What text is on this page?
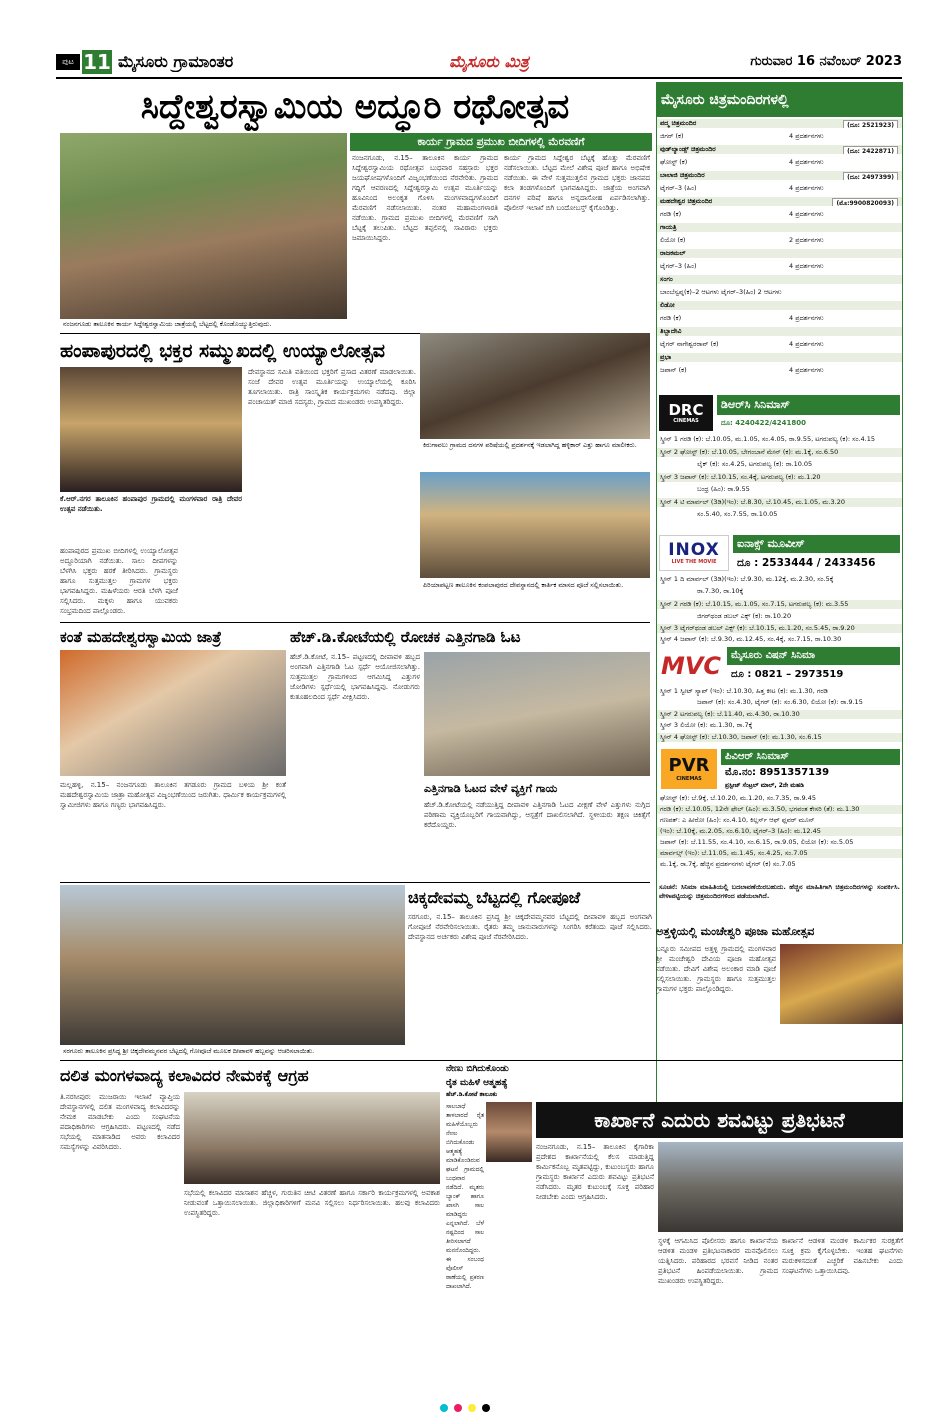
ಪುಟ 11 ಮೈಸೂರು ಗ್ರಾಮಾಂತರ	ಮೈಸೂರು ಮಿತ್ರ	ಗುರುವಾರ 16 ನವೆಂಬರ್ 2023
ಸಿದ್ದೇಶ್ವರಸ್ವಾಮಿಯ ಅದ್ಧೂರಿ ರಥೋತ್ಸವ
ನಂಜನಗೂಡು ತಾಲೂಕಿನ ಕಾರ್ಯ ಸಿದ್ದೇಶ್ವರಸ್ವಾಮಿಯ ಜಾತ್ರೆಯಲ್ಲಿ ಬೆಟ್ಟದಲ್ಲಿ ಕೊಂಡೊಯ್ಯುತ್ತಿರುವುದು.
ಕಾರ್ಯ ಗ್ರಾಮದ ಪ್ರಮುಖ ಬೀದಿಗಳಲ್ಲಿ ಮೆರವಣಿಗೆ
ನಂಜನಗೂಡು, ನ.15– ತಾಲೂಕಿನ ಕಾರ್ಯ ಗ್ರಾಮದ ಸಿದ್ದೇಶ್ವರಸ್ವಾಮಿಯ ರಥೋತ್ಸವ ಬುಧವಾರ ಸಹಸ್ರಾರು ಭಕ್ತರ ಜಯಘೋಷಗಳೊಂದಿಗೆ ವಿಜೃಂಭಣೆಯಿಂದ ನೆರವೇರಿತು. ಗ್ರಾಮದ ಗದ್ದಿಗೆ ಆವರಣದಲ್ಲಿ ಸಿದ್ದೇಶ್ವರಸ್ವಾಮಿ ಉತ್ಸವ ಮೂರ್ತಿಯನ್ನು ಹೂವಿನಿಂದ ಅಲಂಕೃತ ಗೊಳಿಸಿ ಮಂಗಳವಾದ್ಯಗಳೊಂದಿಗೆ ಮೆರವಣಿಗೆ ನಡೆಸಲಾಯಿತು. ನಂತರ ಮಹಾಮಂಗಳಾರತಿ ನಡೆಯಿತು. ಗ್ರಾಮದ ಪ್ರಮುಖ ಬೀದಿಗಳಲ್ಲಿ ಮೆರವಣಿಗೆ ಸಾಗಿ ಬೆಟ್ಟಕ್ಕೆ ತಲುಪಿತು. ಬೆಟ್ಟದ ತಪ್ಪಲಿನಲ್ಲಿ ಸಾವಿರಾರು ಭಕ್ತರು ಜಮಾಯಿಸಿದ್ದರು.
ಕಾರ್ಯ ಗ್ರಾಮದ ಸಿದ್ದೇಶ್ವರ ಬೆಟ್ಟಕ್ಕೆ ಹೊತ್ತು ಮೆರವಣಿಗೆ ನಡೆಸಲಾಯಿತು. ಬೆಟ್ಟದ ಮೇಲೆ ವಿಶೇಷ ಪೂಜೆ ಹಾಗೂ ಅಭಿಷೇಕ ನಡೆಯಿತು. ಈ ವೇಳೆ ಸುತ್ತಮುತ್ತಲಿನ ಗ್ರಾಮದ ಭಕ್ತರು ಜಾನಪದ ಕಲಾ ತಂಡಗಳೊಂದಿಗೆ ಭಾಗವಹಿಸಿದ್ದರು. ಜಾತ್ರೆಯ ಅಂಗವಾಗಿ ದನಗಳ ಪರಿಷೆ ಹಾಗೂ ಅನ್ನದಾಸೋಹ ಏರ್ಪಡಿಸಲಾಗಿತ್ತು. ಪೊಲೀಸ್ ಇಲಾಖೆ ಬಿಗಿ ಬಂದೋಬಸ್ತ್ ಕೈಗೊಂಡಿತ್ತು.
ಮೈಸೂರು ಚಿತ್ರಮಂದಿರಗಳಲ್ಲಿ
ಪದ್ಮ ಚಿತ್ರಮಂದಿರ	(ದೂ: 2521923)
ಜಿಗರ್ (ಕ)	4 ಪ್ರದರ್ಶನಗಳು
ವುಡ್‌ಲ್ಯಾಂಡ್ಸ್ ಚಿತ್ರಮಂದಿರ	(ದೂ: 2422871)
ಘೋಸ್ಟ್ (ಕ)	4 ಪ್ರದರ್ಶನಗಳು
ಬಾಲಾಜಿ ಚಿತ್ರಮಂದಿರ	(ದೂ: 2497399)
ಟೈಗರ್–3 (ಹಿಂ)	4 ಪ್ರದರ್ಶನಗಳು
ಮಹದೇಶ್ವರ ಚಿತ್ರಮಂದಿರ	(ಮೊ:9900820093)
ಗರಡಿ (ಕ)	4 ಪ್ರದರ್ಶನಗಳು
ಗಾಯತ್ರಿ
ಲಿಯೋ (ಕ)	2 ಪ್ರದರ್ಶನಗಳು
ರಾಜಕಮಲ್
ಟೈಗರ್–3 (ಹಿಂ)	4 ಪ್ರದರ್ಶನಗಳು
ಸಂಗಂ
ಬಾಂಬೆಸ್ವಪ್ನ(ಕ)–2 ಆಟಗಳು ಟೈಗರ್–3(ಹಿಂ) 2 ಆಟಗಳು
ಲಿಡೋ
ಗರಡಿ (ಕ)	4 ಪ್ರದರ್ಶನಗಳು
ತಿಬ್ಬಾದೇವಿ
ಟೈಗರ್ ನಾಗೇಶ್ವರರಾವ್ (ಕ)	4 ಪ್ರದರ್ಶನಗಳು
ಪ್ರಭಾ
ಜಪಾನ್ (ಕ)	4 ಪ್ರದರ್ಶನಗಳು
DRC
CINEMAS
ಡಿಆರ್‌ಸಿ ಸಿನಿಮಾಸ್
ದೂ: 4240422/4241800
ಸ್ಕ್ರೀನ್ 1 ಗರಡಿ (ಕ): ಬೆ.10.05, ಮ.1.05, ಸಂ.4.05, ರಾ.9.55, ಟಗರುಪಲ್ಯ (ಕ): ಸಂ.4.15
ಸ್ಕ್ರೀನ್ 2 ಘೋಸ್ಟ್ (ಕ): ಬೆ.10.05, ಬೇಗಂಬಾನೆ ಮೇನ್ (ಕ): ಮ.1ಕ್ಕೆ, ಸಂ.6.50
ಲೈಕ್ (ಕ): ಸಂ.4.25, ಟಗರುಪಲ್ಯ (ಕ): ರಾ.10.05
ಸ್ಕ್ರೀನ್ 3 ಜಪಾನ್ (ಕ): ಬೆ.10.15, ಸಂ.4ಕ್ಕೆ, ಟಗರುಪಲ್ಯ (ಕ): ಮ.1.20
ಬಂಧ್ರ (ಹಿಂ): ರಾ.9.55
ಸ್ಕ್ರೀನ್ 4 ಟಿ ಮಾರ್ವಲ್ (3ಡಿ)(ಇಂ): ಬೆ.8.30, ಬೆ.10.45, ಮ.1.05, ಮ.3.20
ಸಂ.5.40, ಸಂ.7.55, ರಾ.10.05
INOX
LIVE THE MOVIE
ಐನಾಕ್ಸ್ ಮೂವೀಸ್
ದೂ : 2533444 / 2433456
ಸ್ಕ್ರೀನ್ 1 ದಿ ಮಾರ್ವಲ್ (3ಡಿ)(ಇಂ): ಬೆ.9.30, ಮ.12ಕ್ಕೆ, ಮ.2.30, ಸಂ.5ಕ್ಕೆ
ರಾ.7.30, ರಾ.10ಕ್ಕೆ
ಸ್ಕ್ರೀನ್ 2 ಗರಡಿ (ಕ): ಬೆ.10.15, ಮ.1.05, ಸಂ.7.15, ಟಗರುಪಲ್ಯ (ಕ): ಮ.3.55
ಜಿಗರ್‌ಥಂಡ ಡಬಲ್ ಎಕ್ಸ್ (ಕ): ರಾ.10.20
ಸ್ಕ್ರೀನ್ 3 ಟೈಗರ್‌ಥಂಡ ಡಬಲ್ ಎಕ್ಸ್ (ಕ): ಬೆ.10.15, ಮ.1.20, ಸಂ.5.45, ರಾ.9.20
ಸ್ಕ್ರೀನ್ 4 ಜಪಾನ್ (ಕ): ಬೆ.9.30, ಮ.12.45, ಸಂ.4ಕ್ಕೆ, ಸಂ.7.15, ರಾ.10.30
MVC ಮೈಸೂರು ವಿಷನ್ ಸಿನಿಮಾ
ದೂ : 0821 – 2973519
ಸ್ಕ್ರೀನ್ 1 ಸ್ವೀಟ್ ಸ್ಯಾಪ್ (ಇಂ): ಬೆ.10.30, ಹಿತ್ತ ಕೀಟ (ಕ): ಮ.1.30, ಗರಡಿ
ಜಪಾನ್ (ಕ): ಸಂ.4.30, ಟೈಗರ್ (ಕ): ಸಂ.6.30, ಲಿಯೋ (ಕ): ರಾ.9.15
ಸ್ಕ್ರೀನ್ 2 ಟಗರುಪಲ್ಯ (ಕ): ಬೆ.11.40, ಮ.4.30, ರಾ.10.30
ಸ್ಕ್ರೀನ್ 3 ಲಿಯೋ (ಕ): ಮ.1.30, ರಾ.7ಕ್ಕೆ
ಸ್ಕ್ರೀನ್ 4 ಘೋಸ್ಟ್ (ಕ): ಬೆ.10.30, ಜಪಾನ್ (ಕ): ಮ.1.30, ಸಂ.6.15
PVR
CINEMAS
ಪಿವಿಆರ್ ಸಿನಿಮಾಸ್
ಮೊ.ನಂ: 8951357139
ಪ್ರಸ್ಟೀಜ್ ಸೆಂಟ್ರಲ್ ಮಾಲ್, 2ನೇ ಮಹಡಿ
ಘೋಸ್ಟ್ (ಕ): ಬೆ.9ಕ್ಕೆ, ಬೆ.10.20, ಮ.1.20, ಸಂ.7.35, ರಾ.9.45
ಗರಡಿ (ಕ): ಬೆ.10.05, 12ನೇ ಫೇಲ್ (ಹಿಂ): ಮ.3.50, ಭಗವಂತ ಕೇಸರಿ (ತೆ): ಮ.1.30
ಗಣಪತ್: ಎ ಹೀರೋ (ಹಿಂ): ಸಂ.4.10, ಕಿಲ್ಲರ್ಸ್ ಆಫ್ ಫ್ಲವರ್ ಮೂನ್
(ಇಂ): ಬೆ.10ಕ್ಕೆ, ಮ.2.05, ಸಂ.6.10, ಟೈಗರ್–3 (ಹಿಂ): ಮ.12.45
ಜಪಾನ್ (ಕ): ಬೆ.11.55, ಸಂ.4.10, ಸಂ.6.15, ರಾ.9.05, ಲಿಯೋ (ಕ): ಸಂ.5.05
ಮಾರ್ವಲ್ಸ್ (ಇಂ): ಬೆ.11.05, ಮ.1.45, ಸಂ.4.25, ಸಂ.7.05
ಮ.1ಕ್ಕೆ, ರಾ.7ಕ್ಕೆ, ಹೆಚ್ಚಿನ ಪ್ರದರ್ಶನಗಳು ಟೈಗರ್ (ಕ) ಸಂ.7.05
ಸೂಚನೆ: ಸಿನಿಮಾ ಮಾಹಿತಿಯಲ್ಲಿ ಬದಲಾವಣೆಯಿರಬಹುದು. ಹೆಚ್ಚಿನ ಮಾಹಿತಿಗಾಗಿ ಚಿತ್ರಮಂದಿರಗಳನ್ನು ಸಂಪರ್ಕಿಸಿ. ವೇಳಾಪಟ್ಟಿಯನ್ನು ಚಿತ್ರಮಂದಿರಗಳಿಂದ ಪಡೆಯಲಾಗಿದೆ.
ಹಂಪಾಪುರದಲ್ಲಿ ಭಕ್ತರ ಸಮ್ಮುಖದಲ್ಲಿ ಉಯ್ಯಾಲೋತ್ಸವ
ಕೆ.ಆರ್.ನಗರ ತಾಲೂಕಿನ ಹಂಪಾಪುರ ಗ್ರಾಮದಲ್ಲಿ ಮಂಗಳವಾರ ರಾತ್ರಿ ದೇವರ ಉತ್ಸವ ನಡೆಯಿತು.
ಹಂಪಾಪುರದ ಪ್ರಮುಖ ಬೀದಿಗಳಲ್ಲಿ ಉಯ್ಯಾಲೋತ್ಸವ ಅದ್ದೂರಿಯಾಗಿ ನಡೆಯಿತು. ಸಾಲು ದೀಪಗಳನ್ನು ಬೆಳಗಿಸಿ ಭಕ್ತರು ಹರಕೆ ತೀರಿಸಿದರು. ಗ್ರಾಮಸ್ಥರು ಹಾಗೂ ಸುತ್ತಮುತ್ತಲ ಗ್ರಾಮಗಳ ಭಕ್ತರು ಭಾಗವಹಿಸಿದ್ದರು. ಮಹಿಳೆಯರು ಆರತಿ ಬೆಳಗಿ ಪೂಜೆ ಸಲ್ಲಿಸಿದರು. ಮಕ್ಕಳು ಹಾಗೂ ಯುವಕರು ಸಂಭ್ರಮದಿಂದ ಪಾಲ್ಗೊಂಡರು.
ದೇವಸ್ಥಾನದ ಸಮಿತಿ ವತಿಯಿಂದ ಭಕ್ತರಿಗೆ ಪ್ರಸಾದ ವಿತರಣೆ ಮಾಡಲಾಯಿತು. ಸಂಜೆ ದೇವರ ಉತ್ಸವ ಮೂರ್ತಿಯನ್ನು ಉಯ್ಯಾಲೆಯಲ್ಲಿ ಕೂರಿಸಿ ತೂಗಲಾಯಿತು. ರಾತ್ರಿ ಸಾಂಸ್ಕೃತಿಕ ಕಾರ್ಯಕ್ರಮಗಳು ನಡೆದವು. ಜಿಲ್ಲಾ ಪಂಚಾಯತ್ ಮಾಜಿ ಸದಸ್ಯರು, ಗ್ರಾಮದ ಮುಖಂಡರು ಉಪಸ್ಥಿತರಿದ್ದರು.
ಕಿರುಗಾವಲು ಗ್ರಾಮದ ದನಗಳ ಪರಿಷೆಯಲ್ಲಿ ಪ್ರದರ್ಶನಕ್ಕೆ ಇಡಲಾಗಿದ್ದ ಹಳ್ಳಿಕಾರ್ ಎತ್ತು ಹಾಗೂ ಮಾಲೀಕರು.
ಪಿರಿಯಾಪಟ್ಟಣ ತಾಲೂಕಿನ ಕಂಪಲಾಪುರದ ದೇವಸ್ಥಾನದಲ್ಲಿ ಕಾರ್ತಿಕ ಮಾಸದ ಪೂಜೆ ಸಲ್ಲಿಸಲಾಯಿತು.
ಕಂತೆ ಮಹದೇಶ್ವರಸ್ವಾಮಿಯ ಜಾತ್ರೆ
ಮಲ್ಲಹಳ್ಳಿ, ನ.15– ನಂಜನಗೂಡು ತಾಲೂಕಿನ ತಗಡೂರು ಗ್ರಾಮದ ಬಳಿಯ ಶ್ರೀ ಕಂತೆ ಮಹದೇಶ್ವರಸ್ವಾಮಿಯ ಜಾತ್ರಾ ಮಹೋತ್ಸವ ವಿಜೃಂಭಣೆಯಿಂದ ಜರುಗಿತು. ಧಾರ್ಮಿಕ ಕಾರ್ಯಕ್ರಮಗಳಲ್ಲಿ ಸ್ವಾಮೀಜಿಗಳು ಹಾಗೂ ಗಣ್ಯರು ಭಾಗವಹಿಸಿದ್ದರು.
ಹೆಚ್.ಡಿ.ಕೋಟೆಯಲ್ಲಿ ರೋಚಕ ಎತ್ತಿನಗಾಡಿ ಓಟ
ಹೆಚ್.ಡಿ.ಕೋಟೆ, ನ.15– ಪಟ್ಟಣದಲ್ಲಿ ದೀಪಾವಳಿ ಹಬ್ಬದ ಅಂಗವಾಗಿ ಎತ್ತಿನಗಾಡಿ ಓಟ ಸ್ಪರ್ಧೆ ಆಯೋಜಿಸಲಾಗಿತ್ತು. ಸುತ್ತಮುತ್ತಲ ಗ್ರಾಮಗಳಿಂದ ಆಗಮಿಸಿದ್ದ ಎತ್ತುಗಳ ಜೋಡಿಗಳು ಸ್ಪರ್ಧೆಯಲ್ಲಿ ಭಾಗವಹಿಸಿದ್ದವು. ನೋಡುಗರು ಕುತೂಹಲದಿಂದ ಸ್ಪರ್ಧೆ ವೀಕ್ಷಿಸಿದರು.
ಎತ್ತಿನಗಾಡಿ ಓಟದ ವೇಳೆ ವ್ಯಕ್ತಿಗೆ ಗಾಯ
ಹೆಚ್.ಡಿ.ಕೋಟೆಯಲ್ಲಿ ನಡೆಯುತ್ತಿದ್ದ ದೀಪಾವಳಿ ಎತ್ತಿನಗಾಡಿ ಓಟದ ವೀಕ್ಷಣೆ ವೇಳೆ ಎತ್ತುಗಳು ನುಗ್ಗಿದ ಪರಿಣಾಮ ವ್ಯಕ್ತಿಯೊಬ್ಬರಿಗೆ ಗಾಯವಾಗಿದ್ದು, ಆಸ್ಪತ್ರೆಗೆ ದಾಖಲಿಸಲಾಗಿದೆ. ಸ್ಥಳೀಯರು ತಕ್ಷಣ ಚಿಕಿತ್ಸೆಗೆ ಕರೆದೊಯ್ದರು.
ಸರಗೂರು ತಾಲೂಕಿನ ಪ್ರಸಿದ್ಧ ಶ್ರೀ ಚಿಕ್ಕದೇವಮ್ಮನವರ ಬೆಟ್ಟದಲ್ಲಿ ಗೋಪೂಜೆ ಮೂಲಕ ದೀಪಾವಳಿ ಹಬ್ಬವನ್ನು ಆಚರಿಸಲಾಯಿತು.
ಚಿಕ್ಕದೇವಮ್ಮ ಬೆಟ್ಟದಲ್ಲಿ ಗೋಪೂಜೆ
ಸರಗೂರು, ನ.15– ತಾಲೂಕಿನ ಪ್ರಸಿದ್ಧ ಶ್ರೀ ಚಿಕ್ಕದೇವಮ್ಮನವರ ಬೆಟ್ಟದಲ್ಲಿ ದೀಪಾವಳಿ ಹಬ್ಬದ ಅಂಗವಾಗಿ ಗೋಪೂಜೆ ನೆರವೇರಿಸಲಾಯಿತು. ರೈತರು ತಮ್ಮ ಜಾನುವಾರುಗಳನ್ನು ಸಿಂಗರಿಸಿ ಕರೆತಂದು ಪೂಜೆ ಸಲ್ಲಿಸಿದರು. ದೇವಸ್ಥಾನದ ಅರ್ಚಕರು ವಿಶೇಷ ಪೂಜೆ ನೆರವೇರಿಸಿದರು.	ಅತ್ತಳ್ಳಿಯಲ್ಲಿ ಮಂಚೇಶ್ವರಿ ಪೂಜಾ ಮಹೋತ್ಸವ
ಬನ್ನೂರು ಸಮೀಪದ ಅತ್ತಳ್ಳಿ ಗ್ರಾಮದಲ್ಲಿ ಮಂಗಳವಾರ ಶ್ರೀ ಮಂಚೇಶ್ವರಿ ದೇವಿಯ ಪೂಜಾ ಮಹೋತ್ಸವ ನಡೆಯಿತು. ದೇವಿಗೆ ವಿಶೇಷ ಅಲಂಕಾರ ಮಾಡಿ ಪೂಜೆ ಸಲ್ಲಿಸಲಾಯಿತು. ಗ್ರಾಮಸ್ಥರು ಹಾಗೂ ಸುತ್ತಮುತ್ತಲ ಗ್ರಾಮಗಳ ಭಕ್ತರು ಪಾಲ್ಗೊಂಡಿದ್ದರು.
ದಲಿತ ಮಂಗಳವಾದ್ಯ ಕಲಾವಿದರ ನೇಮಕಕ್ಕೆ ಆಗ್ರಹ
ತಿ.ನರಸೀಪುರ: ಮುಜರಾಯಿ ಇಲಾಖೆ ವ್ಯಾಪ್ತಿಯ ದೇವಸ್ಥಾನಗಳಲ್ಲಿ ದಲಿತ ಮಂಗಳವಾದ್ಯ ಕಲಾವಿದರನ್ನು ನೇಮಕ ಮಾಡಬೇಕು ಎಂದು ಸಂಘಟನೆಯ ಪದಾಧಿಕಾರಿಗಳು ಆಗ್ರಹಿಸಿದರು. ಪಟ್ಟಣದಲ್ಲಿ ನಡೆದ ಸಭೆಯಲ್ಲಿ ಮಾತನಾಡಿದ ಅವರು ಕಲಾವಿದರ ಸಮಸ್ಯೆಗಳನ್ನು ವಿವರಿಸಿದರು.
ಸಭೆಯಲ್ಲಿ ಕಲಾವಿದರ ಮಾಸಾಶನ ಹೆಚ್ಚಳ, ಗುರುತಿನ ಚೀಟಿ ವಿತರಣೆ ಹಾಗೂ ಸರ್ಕಾರಿ ಕಾರ್ಯಕ್ರಮಗಳಲ್ಲಿ ಅವಕಾಶ ನೀಡುವಂತೆ ಒತ್ತಾಯಿಸಲಾಯಿತು. ಜಿಲ್ಲಾಧಿಕಾರಿಗಳಿಗೆ ಮನವಿ ಸಲ್ಲಿಸಲು ನಿರ್ಧರಿಸಲಾಯಿತು. ಹಲವು ಕಲಾವಿದರು ಉಪಸ್ಥಿತರಿದ್ದರು.
ನೇಣು ಬಿಗಿದುಕೊಂಡು
ರೈತ ಮಹಿಳೆ ಆತ್ಮಹತ್ಯೆ
ಹೆಚ್.ಡಿ.ಕೋಟೆ ತಾಲೂಕು
ಸಾಲಬಾಧೆ ತಾಳಲಾರದೆ ರೈತ ಮಹಿಳೆಯೊಬ್ಬರು ನೇಣು ಬಿಗಿದುಕೊಂಡು ಆತ್ಮಹತ್ಯೆ ಮಾಡಿಕೊಂಡಿರುವ ಘಟನೆ ಗ್ರಾಮದಲ್ಲಿ ಬುಧವಾರ ನಡೆದಿದೆ. ಮೃತರು ಬ್ಯಾಂಕ್ ಹಾಗೂ ಖಾಸಗಿ ಸಾಲ ಮಾಡಿದ್ದರು ಎನ್ನಲಾಗಿದೆ. ಬೆಳೆ ನಷ್ಟದಿಂದ ಸಾಲ ತೀರಿಸಲಾಗದೆ ಮನನೊಂದಿದ್ದರು. ಈ ಸಂಬಂಧ ಪೊಲೀಸ್ ಠಾಣೆಯಲ್ಲಿ ಪ್ರಕರಣ ದಾಖಲಾಗಿದೆ.
ಕಾರ್ಖಾನೆ ಎದುರು ಶವವಿಟ್ಟು ಪ್ರತಿಭಟನೆ
ನಂಜನಗೂಡು, ನ.15– ತಾಲೂಕಿನ ಕೈಗಾರಿಕಾ ಪ್ರದೇಶದ ಕಾರ್ಖಾನೆಯಲ್ಲಿ ಕೆಲಸ ಮಾಡುತ್ತಿದ್ದ ಕಾರ್ಮಿಕನೊಬ್ಬ ಮೃತಪಟ್ಟಿದ್ದು, ಕುಟುಂಬಸ್ಥರು ಹಾಗೂ ಗ್ರಾಮಸ್ಥರು ಕಾರ್ಖಾನೆ ಎದುರು ಶವವಿಟ್ಟು ಪ್ರತಿಭಟನೆ ನಡೆಸಿದರು. ಮೃತರ ಕುಟುಂಬಕ್ಕೆ ಸೂಕ್ತ ಪರಿಹಾರ ನೀಡಬೇಕು ಎಂದು ಆಗ್ರಹಿಸಿದರು.
ಸ್ಥಳಕ್ಕೆ ಆಗಮಿಸಿದ ಪೊಲೀಸರು ಹಾಗೂ ಕಾರ್ಖಾನೆಯ ಆಡಳಿತ ಮಂಡಳಿ ಪ್ರತಿಭಟನಾಕಾರರ ಮನವೊಲಿಸಲು ಯತ್ನಿಸಿದರು. ಪರಿಹಾರದ ಭರವಸೆ ನೀಡಿದ ನಂತರ ಪ್ರತಿಭಟನೆ ಹಿಂಪಡೆಯಲಾಯಿತು. ಗ್ರಾಮದ ಮುಖಂಡರು ಉಪಸ್ಥಿತರಿದ್ದರು.
ಕಾರ್ಖಾನೆ ಆಡಳಿತ ಮಂಡಳಿ ಕಾರ್ಮಿಕರ ಸುರಕ್ಷತೆಗೆ ಸೂಕ್ತ ಕ್ರಮ ಕೈಗೊಳ್ಳಬೇಕು. ಇಂತಹ ಘಟನೆಗಳು ಮರುಕಳಿಸದಂತೆ ಎಚ್ಚರಿಕೆ ವಹಿಸಬೇಕು ಎಂದು ಸಂಘಟನೆಗಳು ಒತ್ತಾಯಿಸಿದವು.
